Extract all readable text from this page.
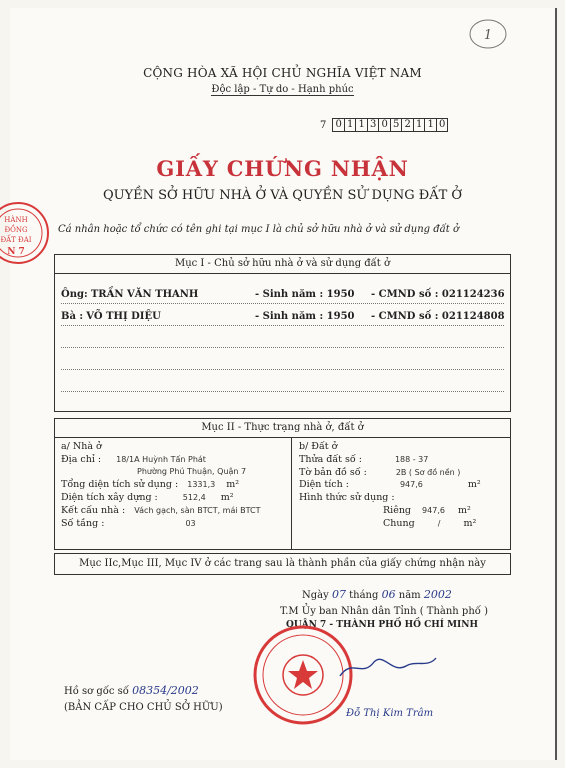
1
HÀNH
ĐỒNG
ĐẤT ĐAI
N 7
CỘNG HÒA XÃ HỘI CHỦ NGHĨA VIỆT NAM
Độc lập - Tự do - Hạnh phúc
7 0 1 1 3 0 5 2 1 1 0
GIẤY CHỨNG NHẬN
QUYỀN SỞ HỮU NHÀ Ở VÀ QUYỀN SỬ DỤNG ĐẤT Ở
Cá nhân hoặc tổ chức có tên ghi tại mục I là chủ sở hữu nhà ở và sử dụng đất ở
Mục I - Chủ sở hữu nhà ở và sử dụng đất ở
Ông: TRẦN VĂN THANH	- Sinh năm : 1950 - CMND số : 021124236
Bà : VÕ THỊ DIỆU	- Sinh năm : 1950 - CMND số : 021124808
Mục II - Thực trạng nhà ở, đất ở
a/ Nhà ở
Địa chỉ : 18/1A Huỳnh Tấn Phát
Phường Phú Thuận, Quận 7
Tổng diện tích sử dụng : 1331,3 m²
Diện tích xây dựng :	512,4 m²
Kết cấu nhà : Vách gạch, sàn BTCT, mái BTCT
Số tầng :	03
b/ Đất ở
Thửa đất số :	188 - 37
Tờ bản đồ số :	2B ( Sơ đồ nền )
Diện tích :	947,6	m²
Hình thức sử dụng :
Riêng 947,6 m²
Chung	/ m²
Mục IIc,Mục III, Mục IV ở các trang sau là thành phần của giấy chứng nhận này
Ngày 07 tháng 06 năm 2002
T.M Ủy ban Nhân dân Tỉnh ( Thành phố )
QUẬN 7 - THÀNH PHỐ HỒ CHÍ MINH
Hồ sơ gốc số 08354/2002
(BẢN CẤP CHO CHỦ SỞ HỮU)
Đỗ Thị Kim Trâm
